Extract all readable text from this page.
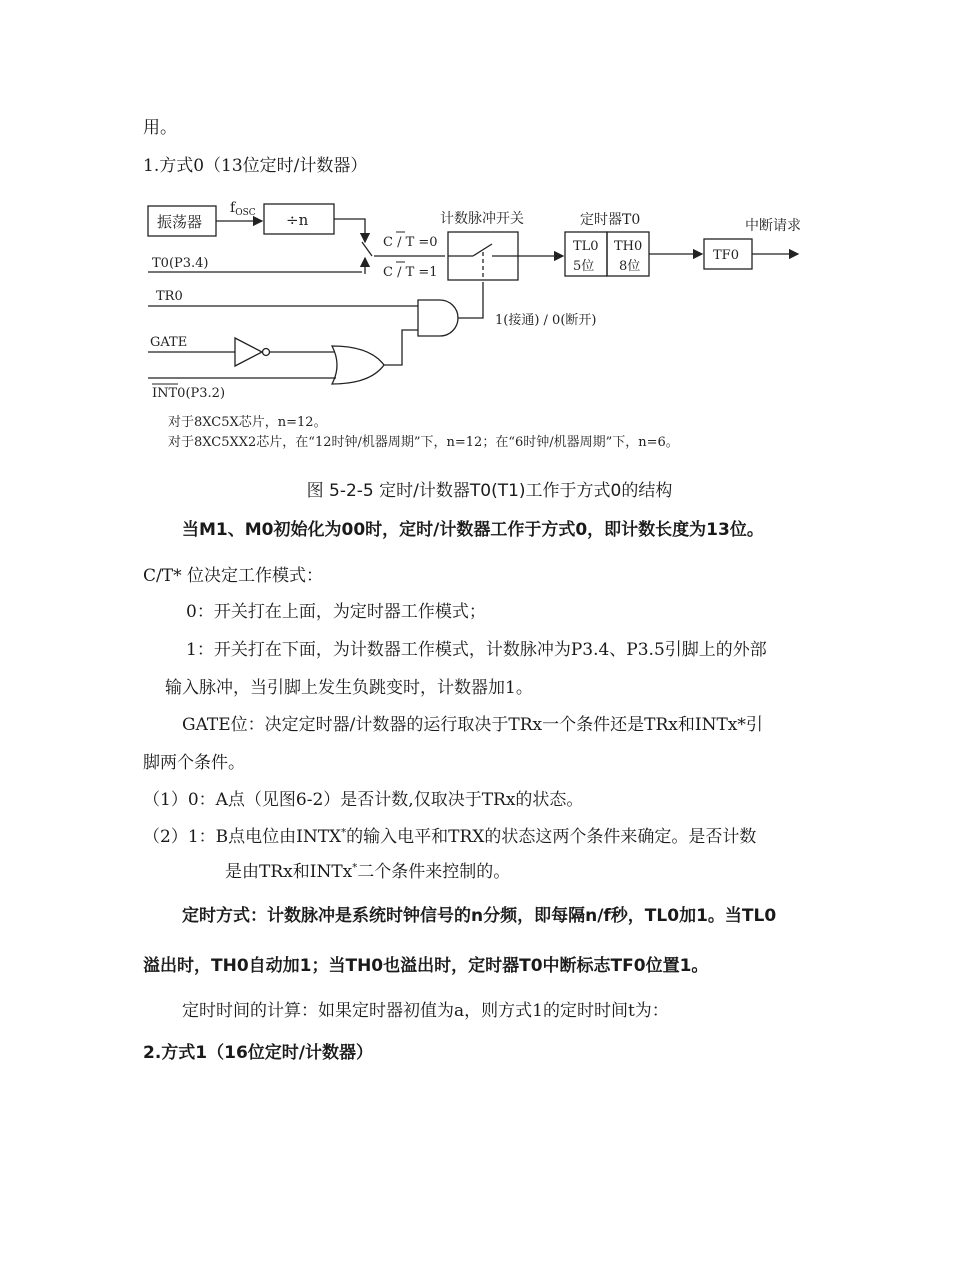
用。
1.方式0（13位定时/计数器）
振荡器
$f_{OSC} \div n$	计数脉冲开关	定时器T0	中断请求
C / T =0
C / T =1
T0(P3.4)
TR0
TL0
5位
TH0
8位
TF0
GATE
INT0(P3.2)
1(接通) / 0(断开)
对于8XC5X芯片，n=12。
对于8XC5XX2芯片，在“12时钟/机器周期”下，n=12；在“6时钟/机器周期”下，n=6。
图 5-2-5 定时/计数器T0(T1)工作于方式0的结构
当M1、M0初始化为00时，定时/计数器工作于方式0，即计数长度为13位。
C/T* 位决定工作模式：
0：开关打在上面，为定时器工作模式；
1：开关打在下面，为计数器工作模式，计数脉冲为P3.4、P3.5引脚上的外部
输入脉冲，当引脚上发生负跳变时，计数器加1。
GATE位：决定定时器/计数器的运行取决于TRx一个条件还是TRx和INTx*引
脚两个条件。
（1）0：A点（见图6-2）是否计数,仅取决于TRx的状态。
（2）1：B点电位由INTX*的输入电平和TRX的状态这两个条件来确定。是否计数
是由TRx和INTx*二个条件来控制的。
定时方式：计数脉冲是系统时钟信号的n分频，即每隔n/f秒，TL0加1。当TL0
溢出时，TH0自动加1；当TH0也溢出时，定时器T0中断标志TF0位置1。
定时时间的计算：如果定时器初值为a，则方式1的定时时间t为：
2.方式1（16位定时/计数器）
